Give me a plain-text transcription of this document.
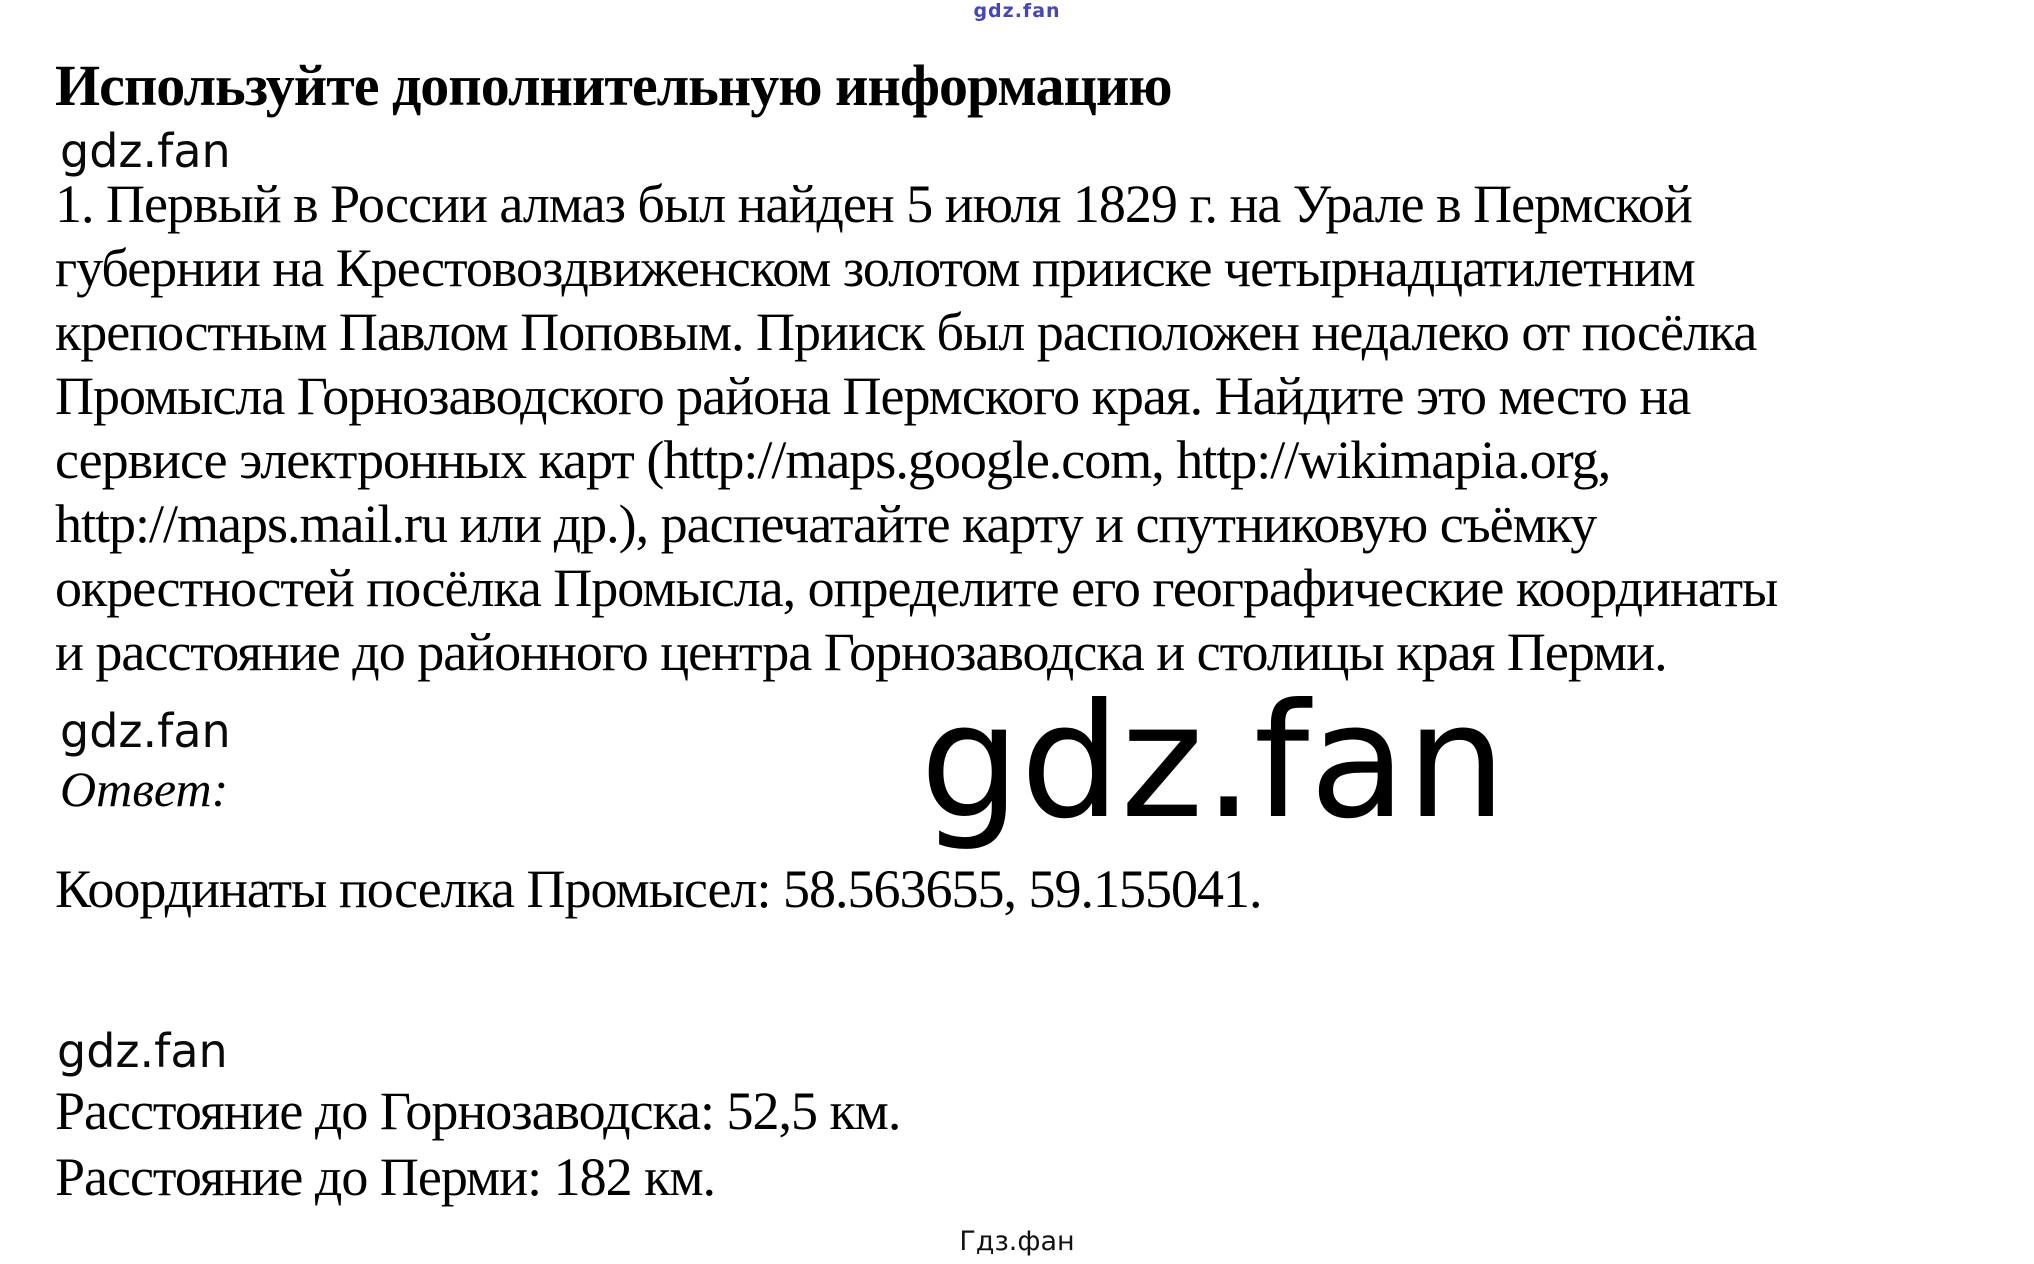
gdz.fan
Используйте дополнительную информацию
gdz.fan
1. Первый в России алмаз был найден 5 июля 1829 г. на Урале в Пермской
губернии на Крестовоздвиженском золотом прииске четырнадцатилетним
крепостным Павлом Поповым. Прииск был расположен недалеко от посёлка
Промысла Горнозаводского района Пермского края. Найдите это место на
сервисе электронных карт (http://maps.google.com, http://wikimapia.org,
http://maps.mail.ru или др.), распечатайте карту и спутниковую съёмку
окрестностей посёлка Промысла, определите его географические координаты
и расстояние до районного центра Горнозаводска и столицы края Перми.
gdz.fan
Ответ:	gdz.fan
Координаты поселка Промысел: 58.563655, 59.155041.
gdz.fan
Расстояние до Горнозаводска: 52,5 км.
Расстояние до Перми: 182 км.
Гдз.фан
